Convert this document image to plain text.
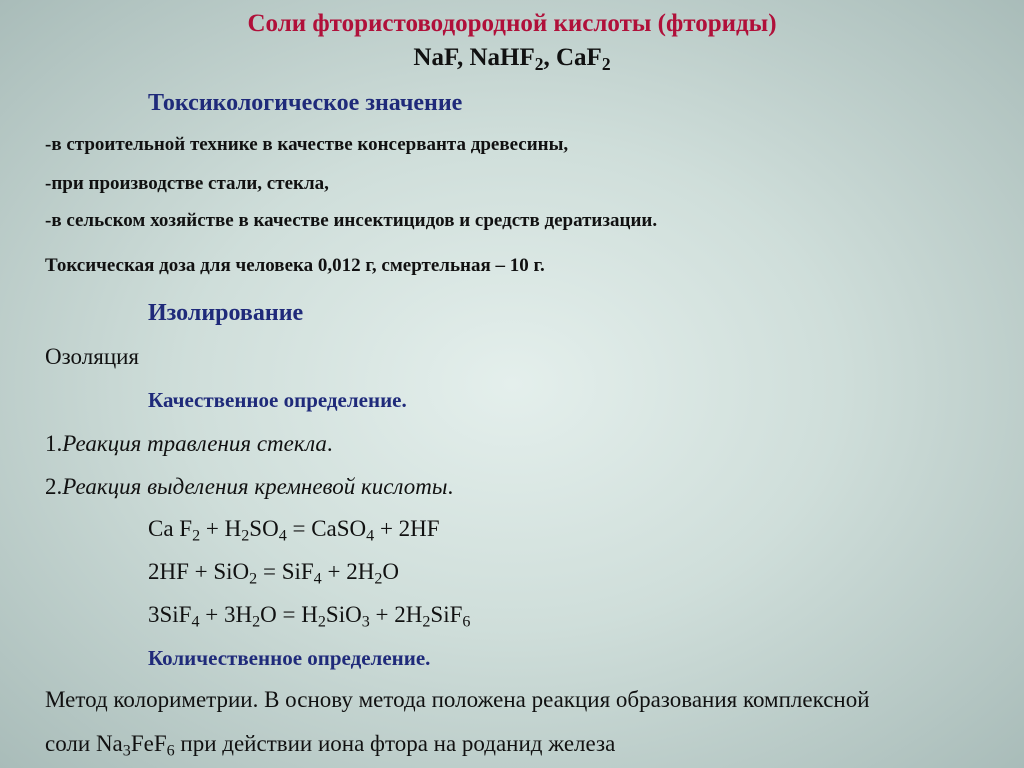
Соли фтористоводородной кислоты (фториды)
NaF, NaHF$_2$, CaF$_2$
Токсикологическое значение
-в строительной технике в качестве консерванта древесины,
-при производстве стали, стекла,
-в сельском хозяйстве в качестве инсектицидов и средств дератизации.
Токсическая доза для человека 0,012 г, смертельная – 10 г.
Изолирование
Озоляция
Качественное определение.
1.Реакция травления стекла.
2.Реакция выделения кремневой кислоты.
Ca $F_2 + H_2SO_4$ = CaSO$_4$ + 2HF
$2HF + SiO_2 = SiF_4 + 2H_2O$
$3SiF_4 + 3H_2O = H_2SiO_3 + 2H_2SiF_6$
Количественное определение.
Метод колориметрии. В основу метода положена реакция образования комплексной
соли $Na_3FeF_6$ при действии иона фтора на роданид железа
